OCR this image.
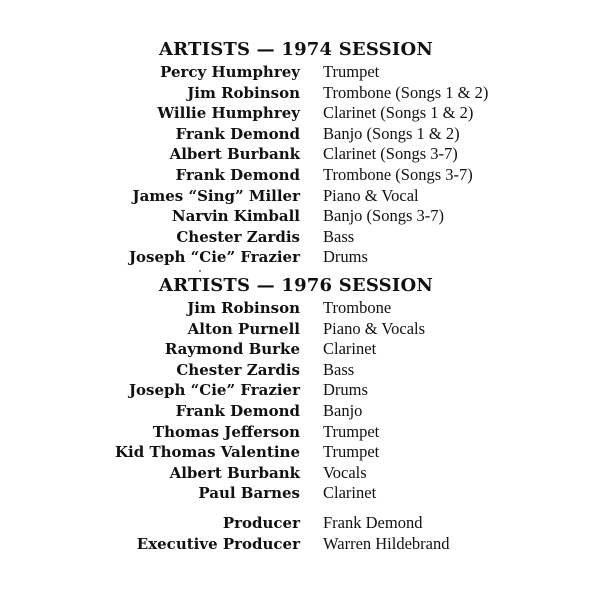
ARTISTS — 1974 SESSION
Percy Humphrey Trumpet
Jim Robinson Trombone (Songs 1 & 2)
Willie Humphrey Clarinet (Songs 1 & 2)
Frank Demond Banjo (Songs 1 & 2)
Albert Burbank Clarinet (Songs 3-7)
Frank Demond Trombone (Songs 3-7)
James “Sing” Miller Piano & Vocal
Narvin Kimball Banjo (Songs 3-7)
Chester Zardis Bass
Joseph “Cie” Frazier Drums
ARTISTS — 1976 SESSION
Jim Robinson Trombone
Alton Purnell Piano & Vocals
Raymond Burke Clarinet
Chester Zardis Bass
Joseph “Cie” Frazier Drums
Frank Demond Banjo
Thomas Jefferson Trumpet
Kid Thomas Valentine Trumpet
Albert Burbank Vocals
Paul Barnes Clarinet
Producer Frank Demond
Executive Producer Warren Hildebrand
